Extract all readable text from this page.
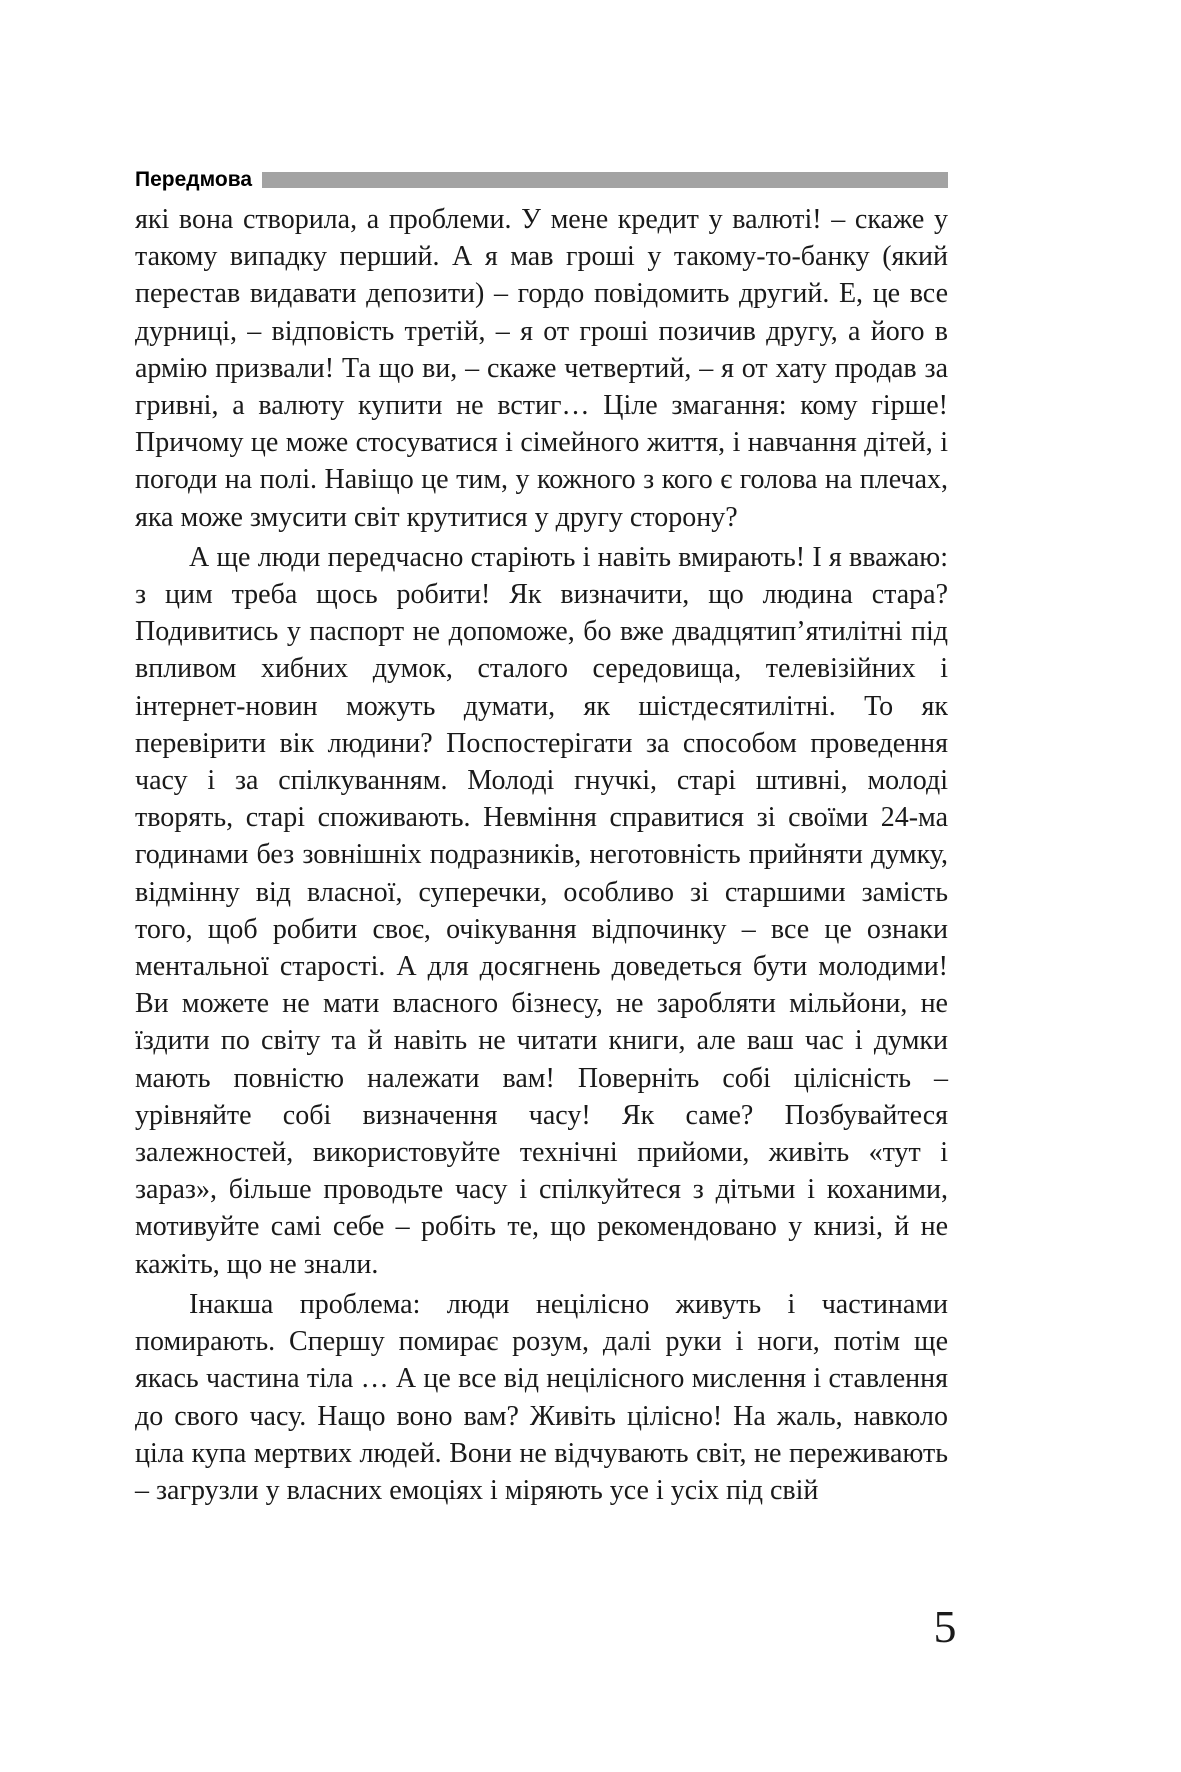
Передмова

які вона створила, а проблеми. У мене кредит у валюті! – скаже у такому випадку перший. А я мав гроші у такому-то-банку (який перестав видавати депозити) – гордо повідомить другий. Е, це все дурниці, – відповість третій, – я от гроші позичив другу, а його в армію призвали! Та що ви, – скаже четвертий, – я от хату продав за гривні, а валюту купити не встиг… Ціле змагання: кому гірше! Причому це може стосуватися і сімейного життя, і навчання дітей, і погоди на полі. Навіщо це тим, у кожного з кого є голова на плечах, яка може змусити світ крутитися у другу сторону?

А ще люди передчасно старіють і навіть вмирають! І я вважаю: з цим треба щось робити! Як визначити, що людина стара? Подивитись у паспорт не допоможе, бо вже двадцятип’ятилітні під впливом хибних думок, сталого середовища, телевізійних і інтернет-новин можуть думати, як шістдесятилітні. То як перевірити вік людини? Поспостерігати за способом проведення часу і за спілкуванням. Молоді гнучкі, старі штивні, молоді творять, старі споживають. Невміння справитися зі своїми 24-ма годинами без зовнішніх подразників, неготовність прийняти думку, відмінну від власної, суперечки, особливо зі старшими замість того, щоб робити своє, очікування відпочинку – все це ознаки ментальної старості. А для досягнень доведеться бути молодими! Ви можете не мати власного бізнесу, не заробляти мільйони, не їздити по світу та й навіть не читати книги, але ваш час і думки мають повністю належати вам! Поверніть собі цілісність – урівняйте собі визначення часу! Як саме? Позбувайтеся залежностей, використовуйте технічні прийоми, живіть «тут і зараз», більше проводьте часу і спілкуйтеся з дітьми і коханими, мотивуйте самі себе – робіть те, що рекомендовано у книзі, й не кажіть, що не знали.

Інакша проблема: люди нецілісно живуть і частинами помирають. Спершу помирає розум, далі руки і ноги, потім ще якась частина тіла … А це все від нецілісного мислення і ставлення до свого часу. Нащо воно вам? Живіть цілісно! На жаль, навколо ціла купа мертвих людей. Вони не відчувають світ, не переживають – загрузли у власних емоціях і міряють усе і усіх під свій

5
